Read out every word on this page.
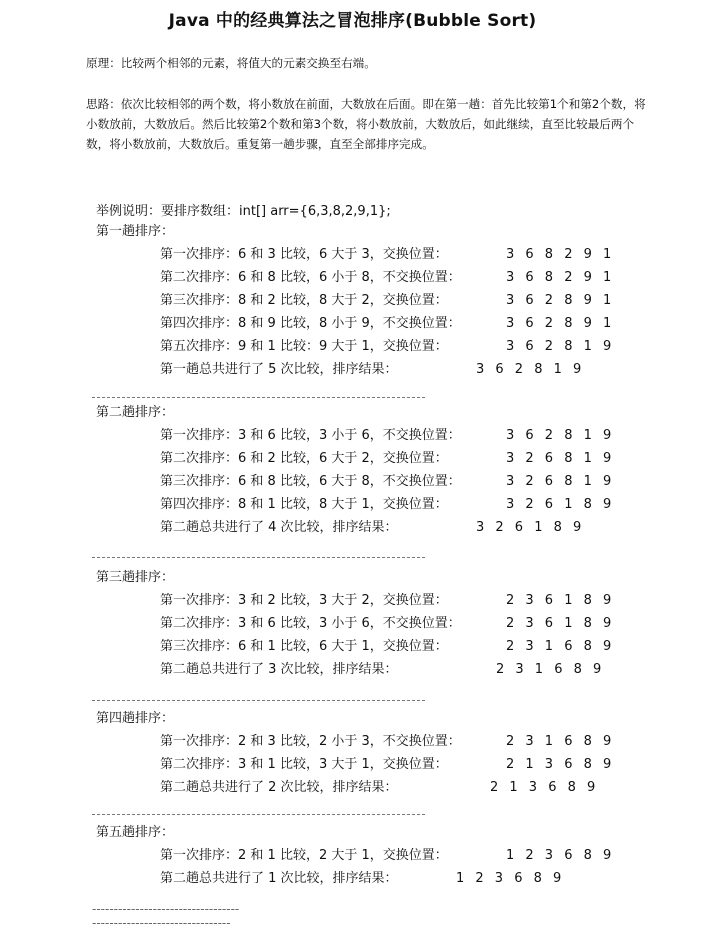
Java 中的经典算法之冒泡排序(Bubble Sort)

原理：比较两个相邻的元素，将值大的元素交换至右端。

思路：依次比较相邻的两个数，将小数放在前面，大数放在后面。即在第一趟：首先比较第1个和第2个数，将小数放前，大数放后。然后比较第2个数和第3个数，将小数放前，大数放后，如此继续，直至比较最后两个数，将小数放前，大数放后。重复第一趟步骤，直至全部排序完成。

举例说明：要排序数组：int[] arr={6,3,8,2,9,1};

第一趟排序：
第一次排序：6 和 3 比较，6 大于 3，交换位置：	3 6 8 2 9 1
第二次排序：6 和 8 比较，6 小于 8，不交换位置：	3 6 8 2 9 1
第三次排序：8 和 2 比较，8 大于 2，交换位置：	3 6 2 8 9 1
第四次排序：8 和 9 比较，8 小于 9，不交换位置：	3 6 2 8 9 1
第五次排序：9 和 1 比较：9 大于 1，交换位置：	3 6 2 8 1 9
第一趟总共进行了 5 次比较，排序结果：	3 6 2 8 1 9
第二趟排序：
第一次排序：3 和 6 比较，3 小于 6，不交换位置：	3 6 2 8 1 9
第二次排序：6 和 2 比较，6 大于 2，交换位置：	3 2 6 8 1 9
第三次排序：6 和 8 比较，6 大于 8，不交换位置：	3 2 6 8 1 9
第四次排序：8 和 1 比较，8 大于 1，交换位置：	3 2 6 1 8 9
第二趟总共进行了 4 次比较，排序结果：	3 2 6 1 8 9
第三趟排序：
第一次排序：3 和 2 比较，3 大于 2，交换位置：	2 3 6 1 8 9
第二次排序：3 和 6 比较，3 小于 6，不交换位置：	2 3 6 1 8 9
第三次排序：6 和 1 比较，6 大于 1，交换位置：	2 3 1 6 8 9
第二趟总共进行了 3 次比较，排序结果：	2 3 1 6 8 9
第四趟排序：
第一次排序：2 和 3 比较，2 小于 3，不交换位置：	2 3 1 6 8 9
第二次排序：3 和 1 比较，3 大于 1，交换位置：	2 1 3 6 8 9
第二趟总共进行了 2 次比较，排序结果：	2 1 3 6 8 9
第五趟排序：
第一次排序：2 和 1 比较，2 大于 1，交换位置：	1 2 3 6 8 9
第二趟总共进行了 1 次比较，排序结果：	1 2 3 6 8 9
------------------------------------------------------------------
